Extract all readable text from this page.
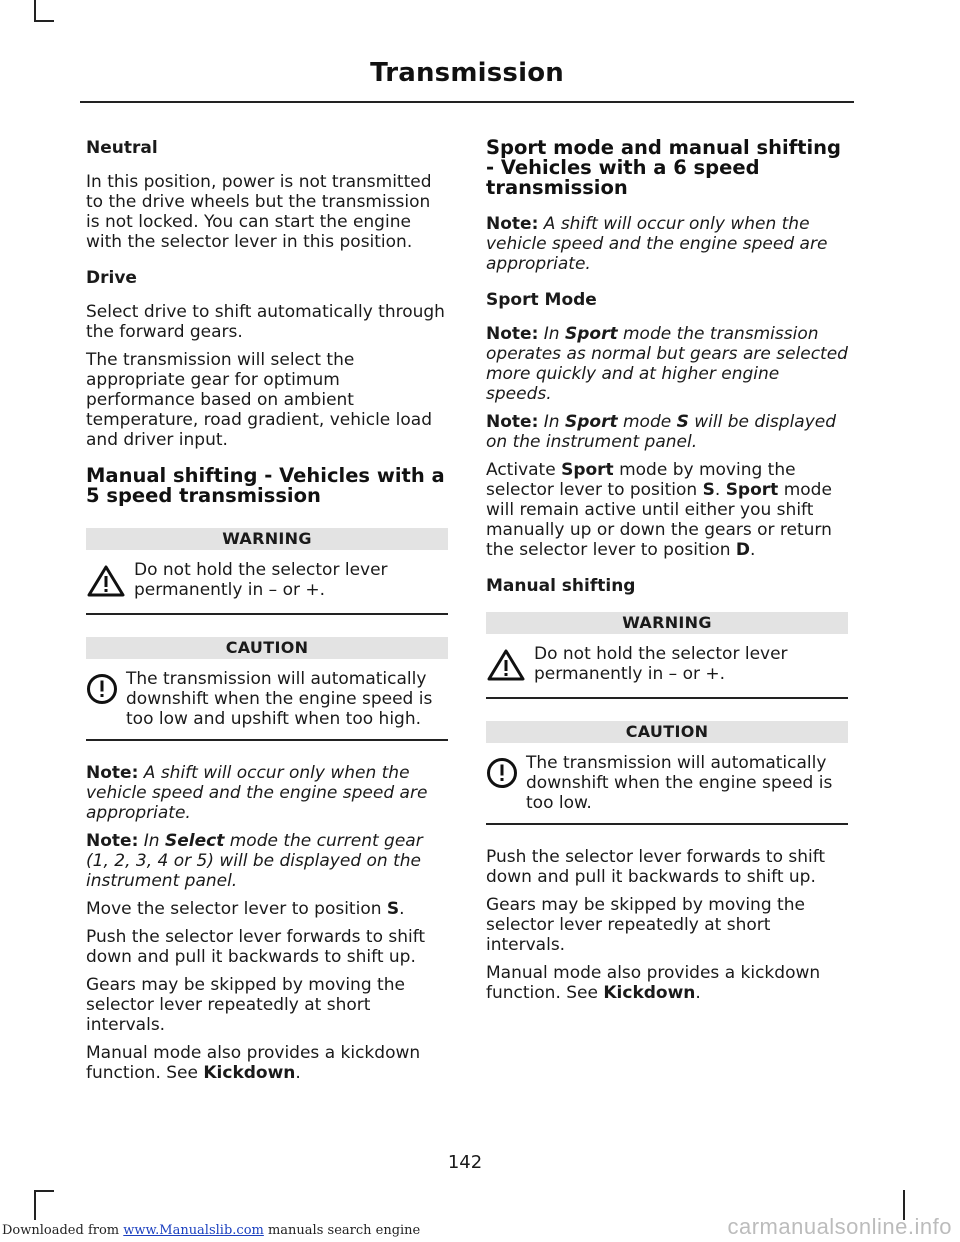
Transmission
Neutral

In this position, power is not transmitted to the drive wheels but the transmission is not locked. You can start the engine with the selector lever in this position.

Drive

Select drive to shift automatically through the forward gears.

The transmission will select the appropriate gear for optimum performance based on ambient temperature, road gradient, vehicle load and driver input.

Manual shifting - Vehicles with a 5 speed transmission
WARNING
Do not hold the selector lever permanently in – or +.
CAUTION
The transmission will automatically downshift when the engine speed is too low and upshift when too high.

Note: A shift will occur only when the vehicle speed and the engine speed are appropriate.

Note: In Select mode the current gear (1, 2, 3, 4 or 5) will be displayed on the instrument panel.

Move the selector lever to position S.

Push the selector lever forwards to shift down and pull it backwards to shift up.

Gears may be skipped by moving the selector lever repeatedly at short intervals.

Manual mode also provides a kickdown function. See Kickdown.

Sport mode and manual shifting - Vehicles with a 6 speed transmission

Note: A shift will occur only when the vehicle speed and the engine speed are appropriate.

Sport Mode

Note: In Sport mode the transmission operates as normal but gears are selected more quickly and at higher engine speeds.

Note: In Sport mode S will be displayed on the instrument panel.

Activate Sport mode by moving the selector lever to position S. Sport mode will remain active until either you shift manually up or down the gears or return the selector lever to position D.

Manual shifting
WARNING
Do not hold the selector lever permanently in – or +.
CAUTION
The transmission will automatically downshift when the engine speed is too low.

Push the selector lever forwards to shift down and pull it backwards to shift up.

Gears may be skipped by moving the selector lever repeatedly at short intervals.

Manual mode also provides a kickdown function. See Kickdown.

142
Downloaded from www.Manualslib.com manuals search engine	carmanualsonline.info
